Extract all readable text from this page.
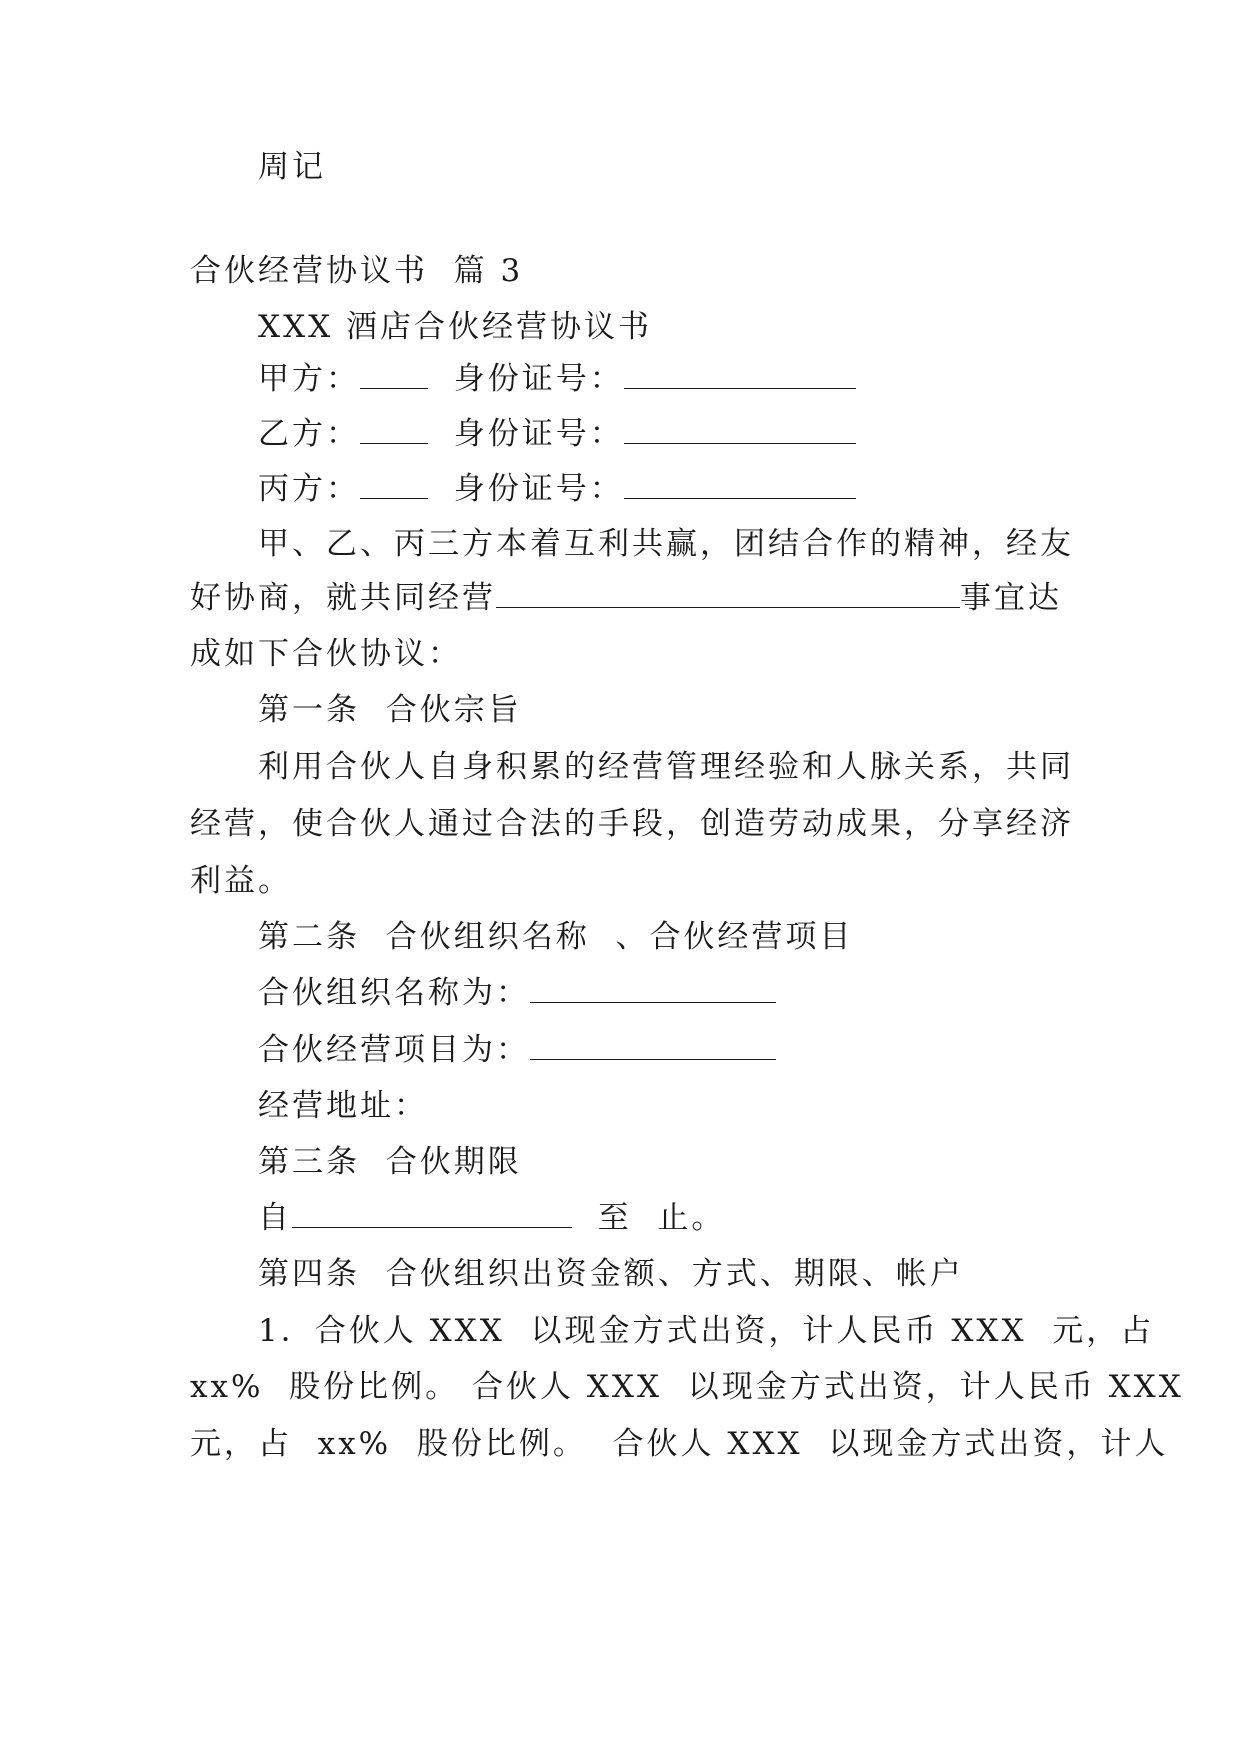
周记
合伙经营协议书  篇 3
XXX 酒店合伙经营协议书
甲方：  身份证号：
乙方：  身份证号：
丙方：  身份证号：
甲、乙、丙三方本着互利共赢，团结合作的精神，经友
好协商，就共同经营	事宜达
成如下合伙协议：
第一条  合伙宗旨
利用合伙人自身积累的经营管理经验和人脉关系，共同
经营，使合伙人通过合法的手段，创造劳动成果，分享经济
利益。
第二条  合伙组织名称  、合伙经营项目
合伙组织名称为：
合伙经营项目为：
经营地址：
第三条  合伙期限
自	至  止。
第四条  合伙组织出资金额、方式、期限、帐户
1．合伙人 XXX  以现金方式出资，计人民币 XXX  元，占
xx%  股份比例。 合伙人 XXX  以现金方式出资，计人民币 XXX
元，占  xx%  股份比例。  合伙人 XXX  以现金方式出资，计人
